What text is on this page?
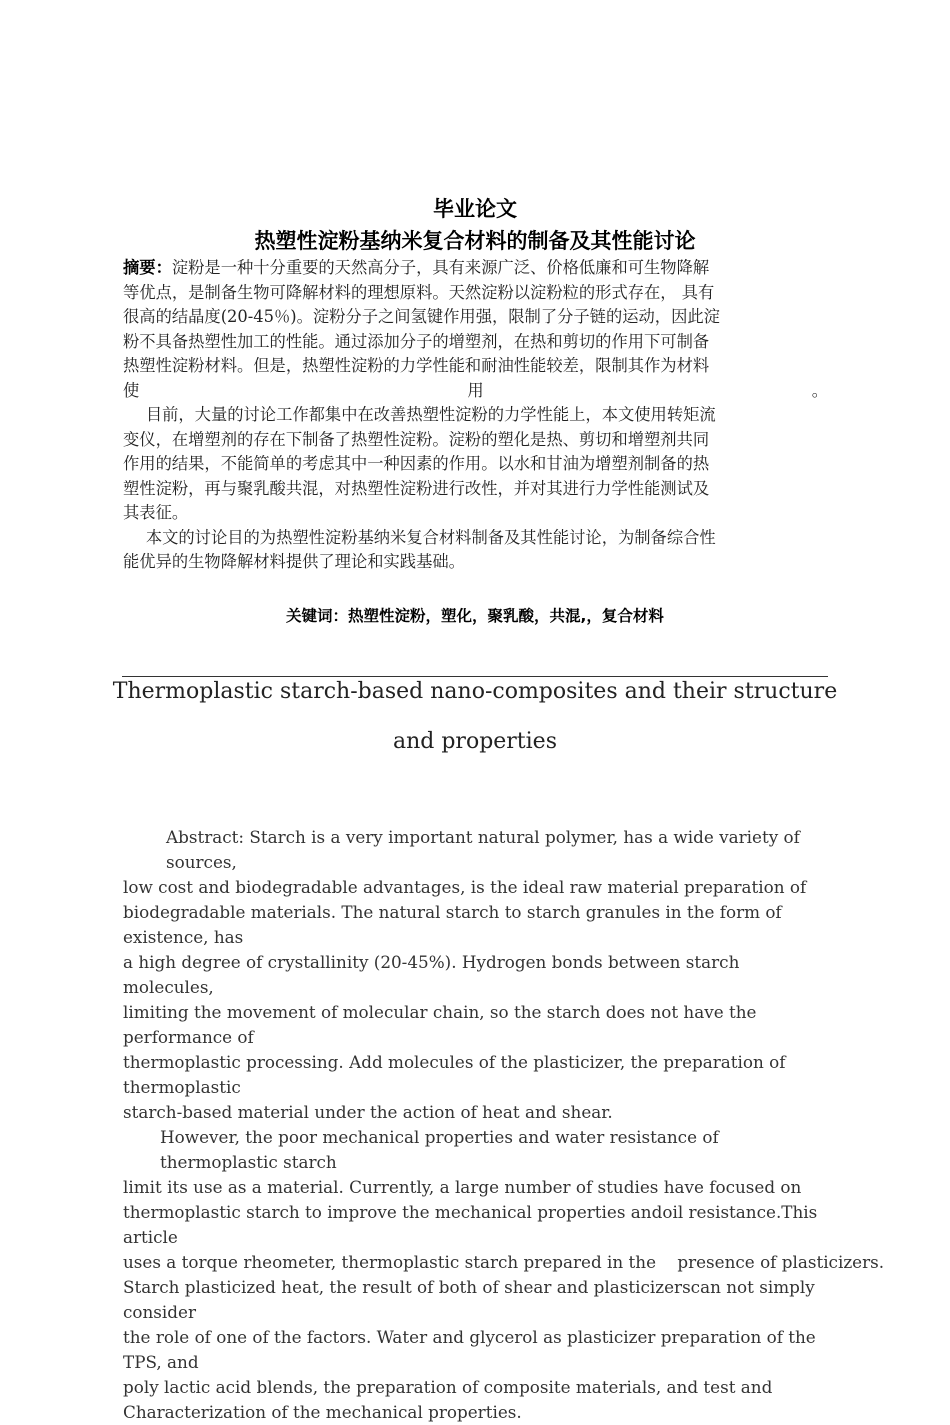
毕业论文
热塑性淀粉基纳米复合材料的制备及其性能讨论

摘要：淀粉是一种十分重要的天然高分子，具有来源广泛、价格低廉和可生物降解

等优点，是制备生物可降解材料的理想原料。天然淀粉以淀粉粒的形式存在， 具有

很高的结晶度(20-45％)。淀粉分子之间氢键作用强，限制了分子链的运动，因此淀

粉不具备热塑性加工的性能。通过添加分子的增塑剂，在热和剪切的作用下可制备

热塑性淀粉材料。但是，热塑性淀粉的力学性能和耐油性能较差，限制其作为材料

使	用	。

目前，大量的讨论工作都集中在改善热塑性淀粉的力学性能上，本文使用转矩流

变仪，在增塑剂的存在下制备了热塑性淀粉。淀粉的塑化是热、剪切和增塑剂共同

作用的结果，不能简单的考虑其中一种因素的作用。以水和甘油为增塑剂制备的热

塑性淀粉，再与聚乳酸共混，对热塑性淀粉进行改性，并对其进行力学性能测试及

其表征。

本文的讨论目的为热塑性淀粉基纳米复合材料制备及其性能讨论，为制备综合性

能优异的生物降解材料提供了理论和实践基础。

关键词：热塑性淀粉，塑化，聚乳酸，共混,，复合材料
Thermoplastic starch-based nano-composites and their structure
and properties

Abstract: Starch is a very important natural polymer, has a wide variety of sources,

low cost and biodegradable advantages, is the ideal raw material preparation of

biodegradable materials. The natural starch to starch granules in the form of existence, has

a high degree of crystallinity (20-45%). Hydrogen bonds between starch molecules,

limiting the movement of molecular chain, so the starch does not have the performance of

thermoplastic processing. Add molecules of the plasticizer, the preparation of thermoplastic

starch-based material under the action of heat and shear.

However, the poor mechanical properties and water resistance of thermoplastic starch

limit its use as a material. Currently, a large number of studies have focused on

thermoplastic starch to improve the mechanical properties andoil resistance.This article

uses a torque rheometer, thermoplastic starch prepared in the    presence of plasticizers.

Starch plasticized heat, the result of both of shear and plasticizerscan not simply consider

the role of one of the factors. Water and glycerol as plasticizer preparation of the TPS, and

poly lactic acid blends, the preparation of composite materials, and test and

Characterization of the mechanical properties.
